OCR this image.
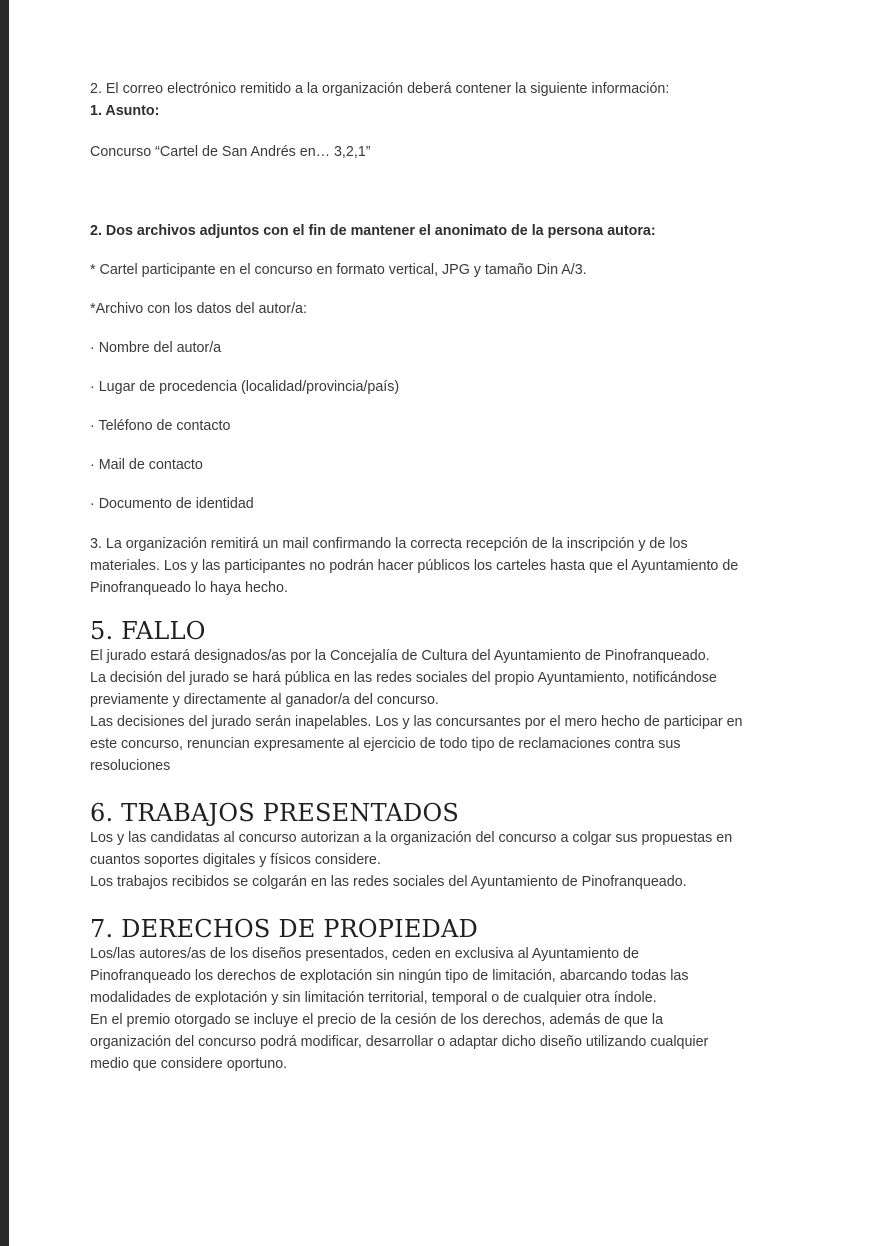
2. El correo electrónico remitido a la organización deberá contener la siguiente información:
1. Asunto:
Concurso “Cartel de San Andrés en… 3,2,1”
2. Dos archivos adjuntos con el fin de mantener el anonimato de la persona autora:
* Cartel participante en el concurso en formato vertical, JPG y tamaño Din A/3.
*Archivo con los datos del autor/a:
· Nombre del autor/a
· Lugar de procedencia (localidad/provincia/país)
· Teléfono de contacto
· Mail de contacto
· Documento de identidad
3. La organización remitirá un mail confirmando la correcta recepción de la inscripción y de los
materiales. Los y las participantes no podrán hacer públicos los carteles hasta que el Ayuntamiento de
Pinofranqueado lo haya hecho.
5. FALLO
El jurado estará designados/as por la Concejalía de Cultura del Ayuntamiento de Pinofranqueado.
La decisión del jurado se hará pública en las redes sociales del propio Ayuntamiento, notificándose
previamente y directamente al ganador/a del concurso.
Las decisiones del jurado serán inapelables. Los y las concursantes por el mero hecho de participar en
este concurso, renuncian expresamente al ejercicio de todo tipo de reclamaciones contra sus
resoluciones
6. TRABAJOS PRESENTADOS
Los y las candidatas al concurso autorizan a la organización del concurso a colgar sus propuestas en
cuantos soportes digitales y físicos considere.
Los trabajos recibidos se colgarán en las redes sociales del Ayuntamiento de Pinofranqueado.
7. DERECHOS DE PROPIEDAD
Los/las autores/as de los diseños presentados, ceden en exclusiva al Ayuntamiento de
Pinofranqueado los derechos de explotación sin ningún tipo de limitación, abarcando todas las
modalidades de explotación y sin limitación territorial, temporal o de cualquier otra índole.
En el premio otorgado se incluye el precio de la cesión de los derechos, además de que la
organización del concurso podrá modificar, desarrollar o adaptar dicho diseño utilizando cualquier
medio que considere oportuno.
